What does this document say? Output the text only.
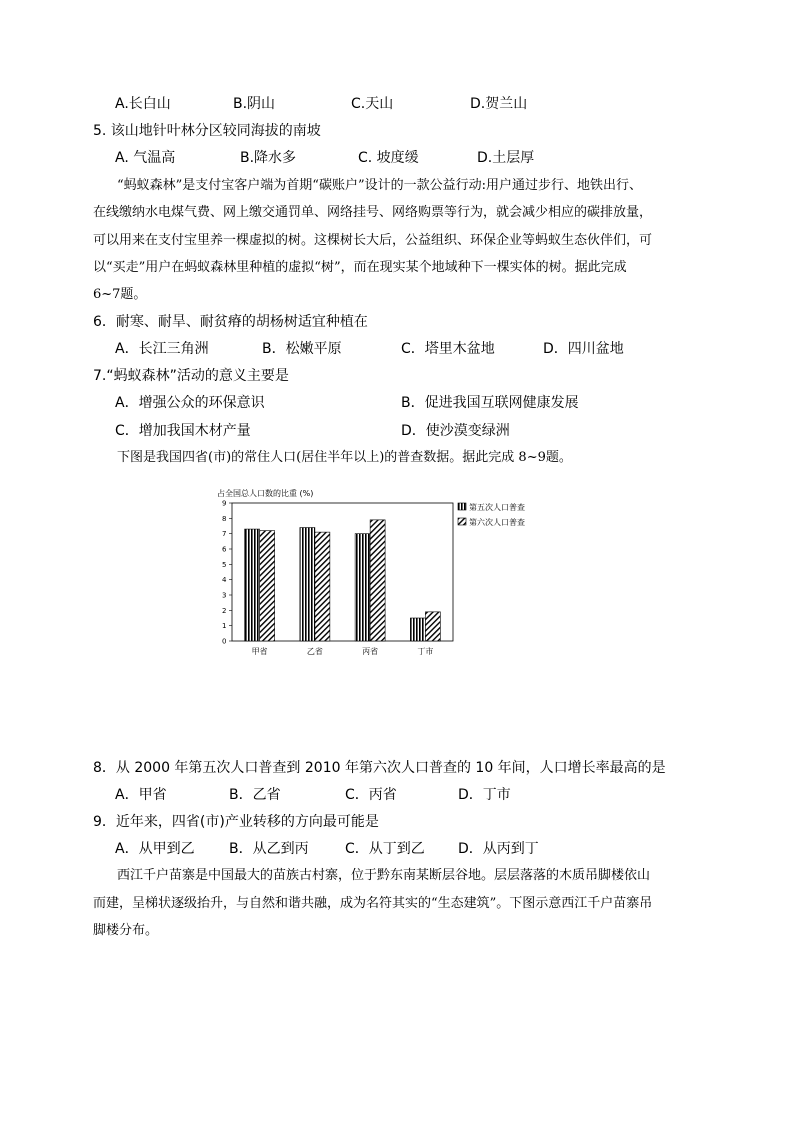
A.长白山	B.阴山	C.天山	D.贺兰山
5. 该山地针叶林分区较同海拔的南坡
A. 气温高	B.降水多	C. 坡度缓	D.土层厚
“蚂蚁森林”是支付宝客户端为首期“碳账户”设计的一款公益行动:用户通过步行、地铁出行、
在线缴纳水电煤气费、网上缴交通罚单、网络挂号、网络购票等行为，就会减少相应的碳排放量，
可以用来在支付宝里养一棵虚拟的树。这棵树长大后，公益组织、环保企业等蚂蚁生态伙伴们，可
以“买走”用户在蚂蚁森林里种植的虚拟“树”，而在现实某个地域种下一棵实体的树。据此完成
6~7题。
6．耐寒、耐旱、耐贫瘠的胡杨树适宜种植在
A．长江三角洲	B．松嫩平原	C．塔里木盆地	D．四川盆地
7.“蚂蚁森林”活动的意义主要是
A．增强公众的环保意识	B．促进我国互联网健康发展
C．增加我国木材产量	D．使沙漠变绿洲
下图是我国四省(市)的常住人口(居住半年以上)的普查数据。据此完成 8~9题。
占全国总人口数的比重 (%)
0
1
2
3
4
5
6
7
8
9
甲省	乙省	丙省	丁市
第五次人口普查
第六次人口普查
8．从 2000 年第五次人口普查到 2010 年第六次人口普查的 10 年间，人口增长率最高的是
A．甲省	B．乙省	C．丙省	D．丁市
9．近年来，四省(市)产业转移的方向最可能是
A．从甲到乙 B．从乙到丙	C．从丁到乙 D．从丙到丁
西江千户苗寨是中国最大的苗族古村寨，位于黔东南某断层谷地。层层落落的木质吊脚楼依山
而建，呈梯状逐级抬升，与自然和谐共融，成为名符其实的“生态建筑”。下图示意西江千户苗寨吊
脚楼分布。
